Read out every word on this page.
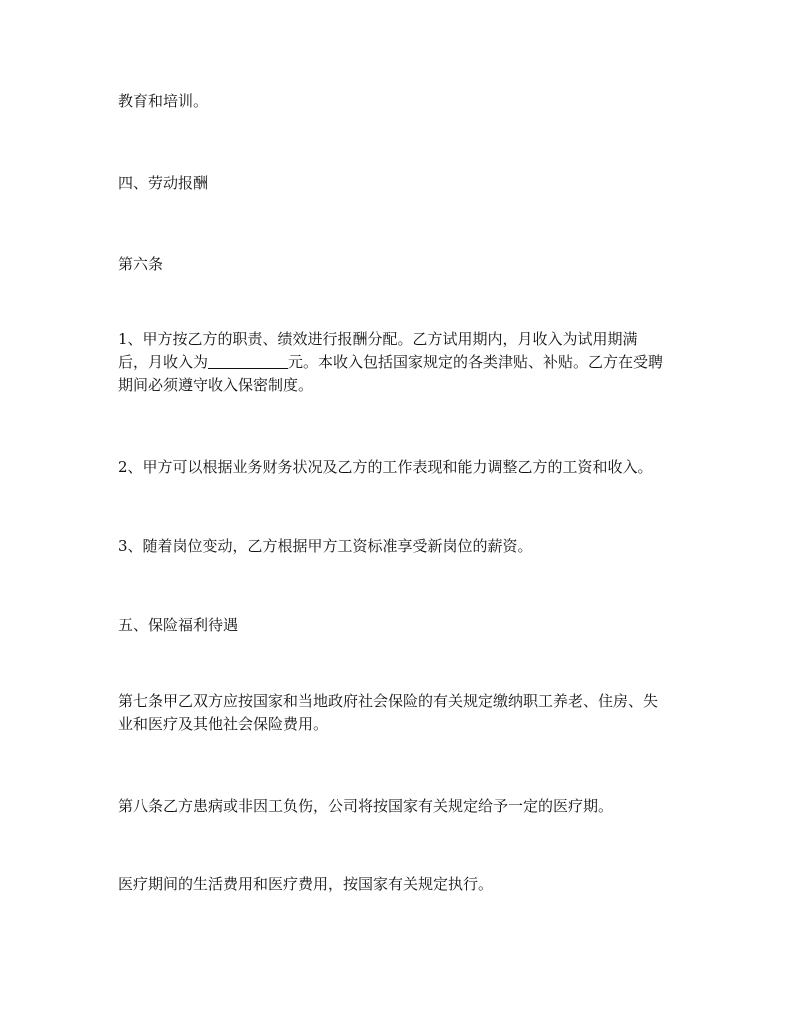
教育和培训。

四、劳动报酬

第六条

1、甲方按乙方的职责、绩效进行报酬分配。乙方试用期内，月收入为试用期满
后，月收入为	元。本收入包括国家规定的各类津贴、补贴。乙方在受聘
期间必须遵守收入保密制度。

2、甲方可以根据业务财务状况及乙方的工作表现和能力调整乙方的工资和收入。

3、随着岗位变动，乙方根据甲方工资标准享受新岗位的薪资。

五、保险福利待遇

第七条甲乙双方应按国家和当地政府社会保险的有关规定缴纳职工养老、住房、失
业和医疗及其他社会保险费用。

第八条乙方患病或非因工负伤，公司将按国家有关规定给予一定的医疗期。

医疗期间的生活费用和医疗费用，按国家有关规定执行。
